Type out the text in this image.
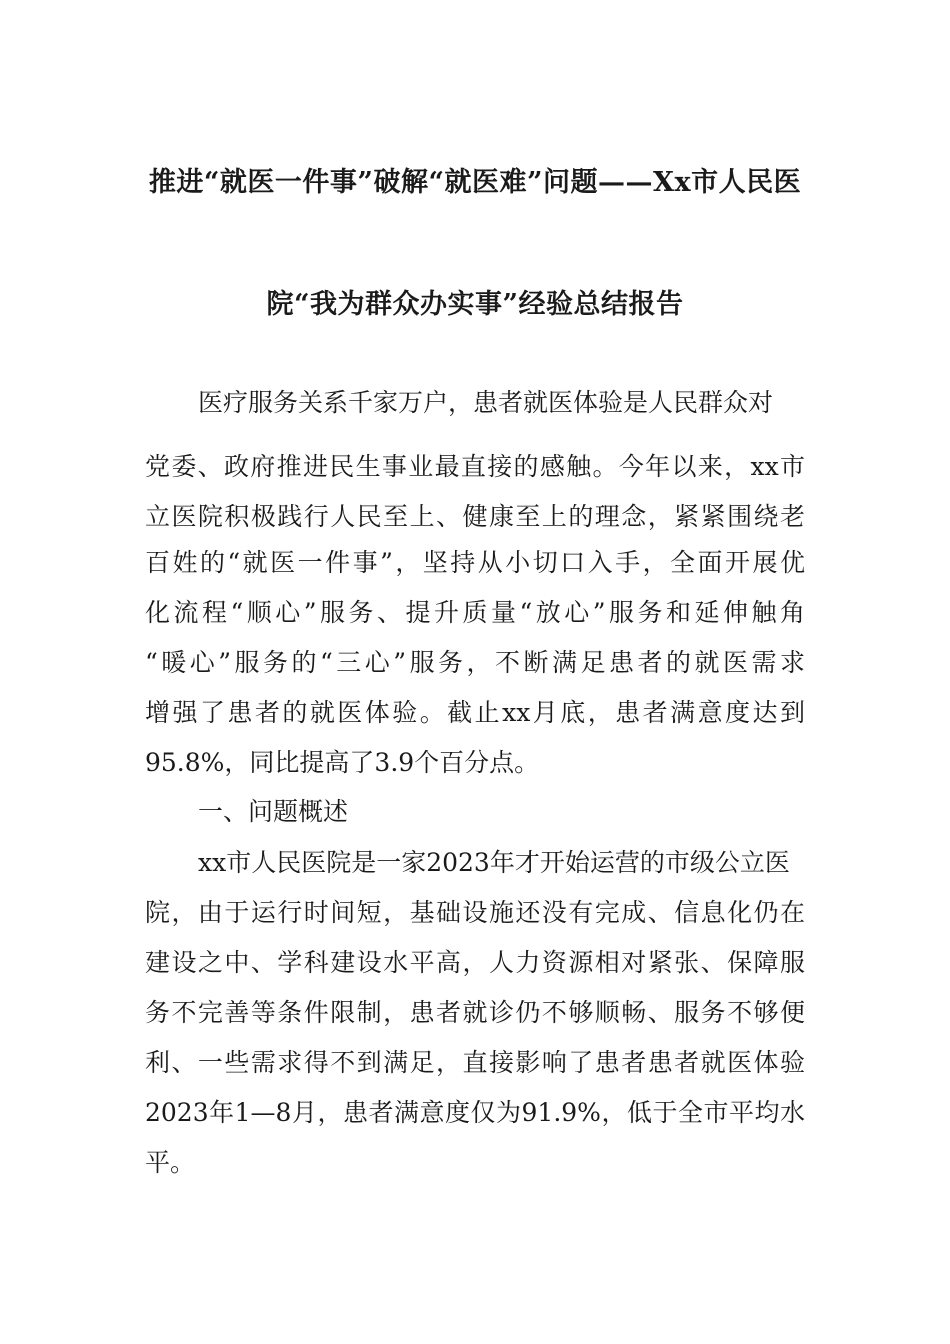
推进“就医一件事”破解“就医难”问题——Xx市人民医
院“我为群众办实事”经验总结报告
医疗服务关系千家万户，患者就医体验是人民群众对
党委、政府推进民生事业最直接的感触。今年以来，xx市
立医院积极践行人民至上、健康至上的理念，紧紧围绕老
百姓的“就医一件事”，坚持从小切口入手，全面开展优
化流程“顺心”服务、提升质量“放心”服务和延伸触角
“暖心”服务的“三心”服务，不断满足患者的就医需求
增强了患者的就医体验。截止xx月底，患者满意度达到
95.8%，同比提高了3.9个百分点。
一、问题概述
xx市人民医院是一家2023年才开始运营的市级公立医
院，由于运行时间短，基础设施还没有完成、信息化仍在
建设之中、学科建设水平高，人力资源相对紧张、保障服
务不完善等条件限制，患者就诊仍不够顺畅、服务不够便
利、一些需求得不到满足，直接影响了患者患者就医体验
2023年1—8月，患者满意度仅为91.9%，低于全市平均水
平。
